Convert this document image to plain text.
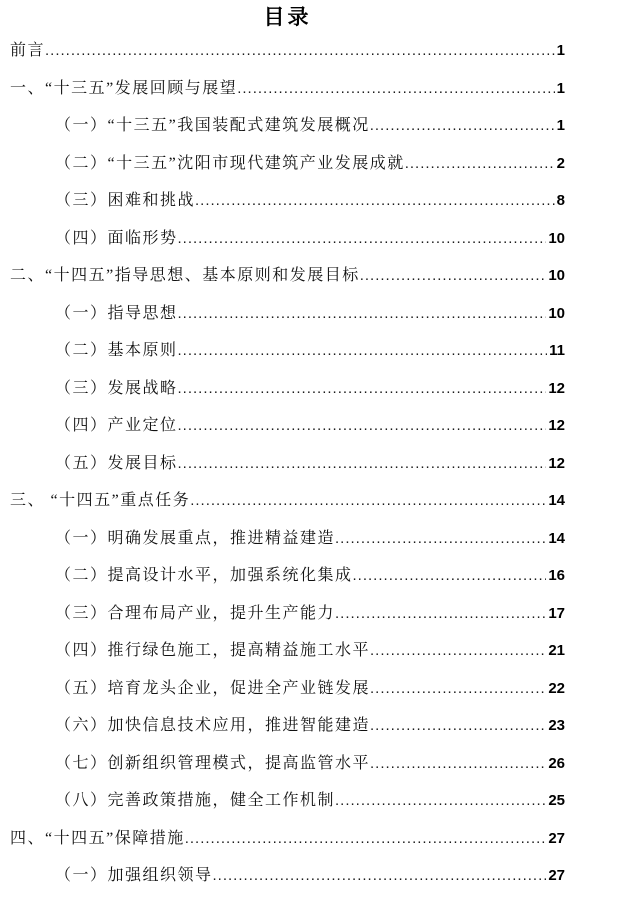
目录
前言 .....	1
一、“十三五”发展回顾与展望 .....	1
（一）“十三五”我国装配式建筑发展概况 .....	1
（二）“十三五”沈阳市现代建筑产业发展成就 .....	2
（三）困难和挑战 .....	8
（四）面临形势 .....	10
二、“十四五”指导思想、基本原则和发展目标 .....	10
（一）指导思想 .....	10
（二）基本原则 .....	11
（三）发展战略 .....	12
（四）产业定位 .....	12
（五）发展目标 .....	12
三、 “十四五”重点任务 .....	14
（一）明确发展重点，推进精益建造 .....	14
（二）提高设计水平，加强系统化集成 .....	16
（三）合理布局产业，提升生产能力 .....	17
（四）推行绿色施工，提高精益施工水平 .....	21
（五）培育龙头企业，促进全产业链发展 .....	22
（六）加快信息技术应用，推进智能建造 .....	23
（七）创新组织管理模式，提高监管水平 .....	26
（八）完善政策措施，健全工作机制 .....	25
四、“十四五”保障措施 .....	27
（一）加强组织领导 .....	27
